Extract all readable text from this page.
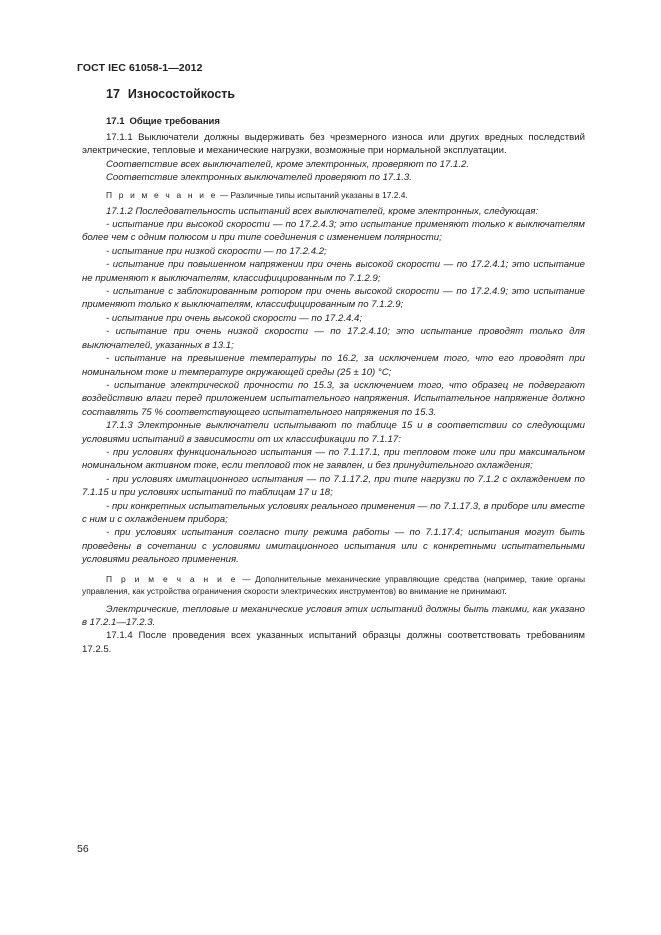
ГОСТ IEC 61058-1—2012
17 Износостойкость
17.1 Общие требования

17.1.1 Выключатели должны выдерживать без чрезмерного износа или других вредных последствий электрические, тепловые и механические нагрузки, возможные при нормальной эксплуатации.

Соответствие всех выключателей, кроме электронных, проверяют по 17.1.2.

Соответствие электронных выключателей проверяют по 17.1.3.

П р и м е ч а н и е — Различные типы испытаний указаны в 17.2.4.

17.1.2 Последовательность испытаний всех выключателей, кроме электронных, следующая:

- испытание при высокой скорости — по 17.2.4.3; это испытание применяют только к выключателям более чем с одним полюсом и при типе соединения с изменением полярности;

- испытание при низкой скорости — по 17.2.4.2;

- испытание при повышенном напряжении при очень высокой скорости — по 17.2.4.1; это испытание не применяют к выключателям, классифицированным по 7.1.2.9;

- испытание с заблокированным ротором при очень высокой скорости — по 17.2.4.9; это испытание применяют только к выключателям, классифицированным по 7.1.2.9;

- испытание при очень высокой скорости — по 17.2.4.4;

- испытание при очень низкой скорости — по 17.2.4.10; это испытание проводят только для выключателей, указанных в 13.1;

- испытание на превышение температуры по 16.2, за исключением того, что его проводят при номинальном токе и температуре окружающей среды (25 ± 10) °С;

- испытание электрической прочности по 15.3, за исключением того, что образец не подвергают воздействию влаги перед приложением испытательного напряжения. Испытательное напряжение должно составлять 75 % соответствующего испытательного напряжения по 15.3.

17.1.3 Электронные выключатели испытывают по таблице 15 и в соответствии со следующими условиями испытаний в зависимости от их классификации по 7.1.17:

- при условиях функционального испытания — по 7.1.17.1, при тепловом токе или при максимальном номинальном активном токе, если тепловой ток не заявлен, и без принудительного охлаждения;

- при условиях имитационного испытания — по 7.1.17.2, при типе нагрузки по 7.1.2 с охлаждением по 7.1.15 и при условиях испытаний по таблицам 17 и 18;

- при конкретных испытательных условиях реального применения — по 7.1.17.3, в приборе или вместе с ним и с охлаждением прибора;

- при условиях испытания согласно типу режима работы — по 7.1.17.4; испытания могут быть проведены в сочетании с условиями имитационного испытания или с конкретными испытательными условиями реального применения.

П р и м е ч а н и е — Дополнительные механические управляющие средства (например, такие органы управления, как устройства ограничения скорости электрических инструментов) во внимание не принимают.

Электрические, тепловые и механические условия этих испытаний должны быть такими, как указано в 17.2.1—17.2.3.

17.1.4 После проведения всех указанных испытаний образцы должны соответствовать требованиям 17.2.5.

56
